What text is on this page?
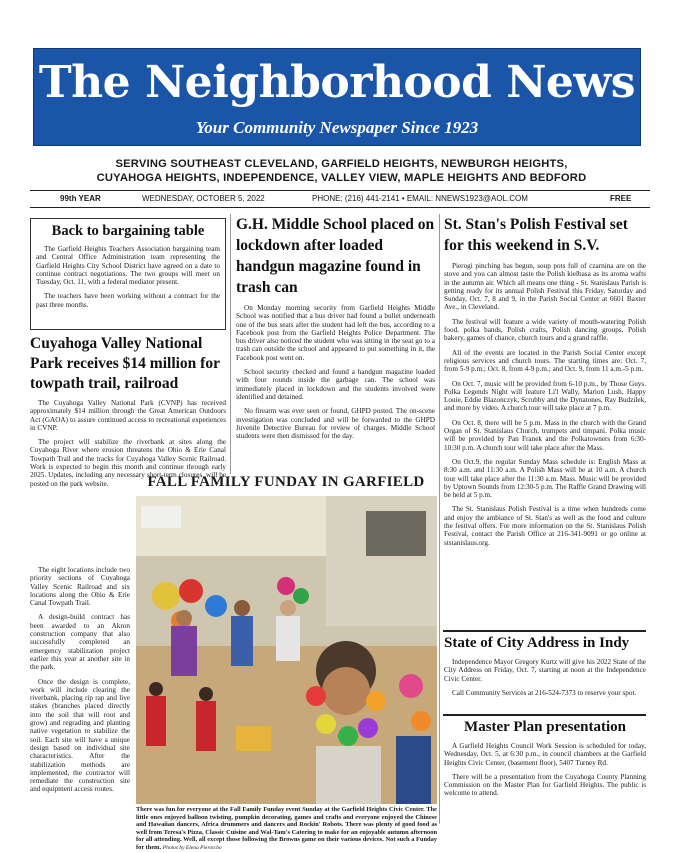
The Neighborhood News
Your Community Newspaper Since 1923
SERVING SOUTHEAST CLEVELAND, GARFIELD HEIGHTS, NEWBURGH HEIGHTS,
CUYAHOGA HEIGHTS, INDEPENDENCE, VALLEY VIEW, MAPLE HEIGHTS AND BEDFORD
99th YEAR	WEDNESDAY, OCTOBER 5, 2022	PHONE: (216) 441-2141 • EMAIL: NNEWS1923@AOL.COM	FREE
Back to bargaining table

The Garfield Heights Teachers Association bargaining team and Central Office Administration team representing the Garfield Heights City School District have agreed on a date to continue contract negotiations. The two groups will meet on Tuesday, Oct. 11, with a federal mediator present.

The teachers have been working without a contract for the past three months.

Cuyahoga Valley National Park receives $14 million for towpath trail, railroad

The Cuyahoga Valley National Park (CVNP) has received approximately $14 million through the Great American Outdoors Act (GAOA) to assure continued access to recreational experiences in CVNP.

The project will stabilize the riverbank at sites along the Cuyahoga River where erosion threatens the Ohio & Erie Canal Towpath Trail and the tracks for Cuyahoga Valley Scenic Railroad. Work is expected to begin this month and continue through early 2025. Updates, including any necessary short-term closures, will be posted on the park website.

The eight locations include two priority sections of Cuyahoga Valley Scenic Railroad and six locations along the Ohio & Erie Canal Towpath Trail.

A design-build contract has been awarded to an Akron construction company that also successfully completed an emergency stabilization project earlier this year at another site in the park.

Once the design is complete, work will include clearing the riverbank, placing rip rap and live stakes (branches placed directly into the soil that will root and grow) and regrading and planting native vegetation to stabilize the soil. Each site will have a unique design based on individual site characteristics. After the stabilization methods are implemented, the contractor will remediate the construction site and equipment access routes.

G.H. Middle School placed on lockdown after loaded handgun magazine found in trash can

On Monday morning security from Garfield Heights Middle School was notified that a bus driver had found a bullet underneath one of the bus seats after the student had left the bus, according to a Facebook post from the Garfield Heights Police Department. The bus driver also noticed the student who was sitting in the seat go to a trash can outside the school and appeared to put something in it, the Facebook post went on.

School security checked and found a handgun magazine loaded with four rounds inside the garbage can. The school was immediately placed in lockdown and the students involved were identified and detained.

No firearm was ever seen or found, GHPD posted. The on-scene investigation was concluded and will be forwarded to the GHPD Juvenile Detective Bureau for review of charges. Middle School students were then dismissed for the day.

FALL FAMILY FUNDAY IN GARFIELD
There was fun for everyone at the Fall Family Funday event Sunday at the Garfield Heights Civic Center. The little ones enjoyed balloon twisting, pumpkin decorating, games and crafts and everyone enjoyed the Chinese and Hawaiian dancers, Africa drummers and dancers and Rockin' Robots. There was plenty of good food as well from Teresa's Pizza, Classic Cuisine and Wal-Tam's Catering to make for an enjoyable autumn afternoon for all attending. Well, all except those following the Browns game on their various devices. Not such a Funday for them. Photos by Elena Pierotcho
St. Stan's Polish Festival set for this weekend in S.V.

Pierogi pinching has begun, soup pots full of czarnina are on the stove and you can almost taste the Polish kielbasa as its aroma wafts in the autumn air. Which all means one thing - St. Stanislaus Parish is getting ready for its annual Polish Festival this Friday, Saturday and Sunday, Oct. 7, 8 and 9, in the Parish Social Center at 6601 Baxter Ave., in Cleveland.

The festival will feature a wide variety of mouth-watering Polish food, polka bands, Polish crafts, Polish dancing groups, Polish bakery, games of chance, church tours and a grand raffle.

All of the events are located in the Parish Social Center except religious services and church tours. The starting times are: Oct. 7, from 5-9 p.m.; Oct. 8, from 4-9 p.m.; and Oct. 9, from 11 a.m.-5 p.m.

On Oct. 7, music will be provided from 6-10 p.m., by Those Guys. Polka Legends Night will feature Li'l Wally, Marion Lush, Happy Louie, Eddie Blazonczyk, Scrubby and the Dynatones, Ray Budzilek, and more by video. A church tour will take place at 7 p.m.

On Oct. 8, there will be 5 p.m. Mass in the church with the Grand Organ of St. Stanislaus Church, trumpets and timpani. Polka music will be provided by Pan Franek and the Polkatowners from 6:30-10:30 p.m. A church tour will take place after the Mass.

On Oct.9, the regular Sunday Mass schedule is: English Mass at 8:30 a.m. and 11:30 a.m. A Polish Mass will be at 10 a.m. A church tour will take place after the 11:30 a.m. Mass. Music will be provided by Uptown Sounds from 12:30-5 p.m. The Raffle Grand Drawing will be held at 5 p.m.

The St. Stanislaus Polish Festival is a time when hundreds come and enjoy the ambiance of St. Stan's as well as the food and culture the festival offers. For more information on the St. Stanislaus Polish Festival, contact the Parish Office at 216-341-9091 or go online at ststanislaus.org.

State of City Address in Indy

Independence Mayor Gregory Kurtz will give his 2022 State of the City Address on Friday, Oct. 7, starting at noon at the Independence Civic Center.

Call Community Services at 216-524-7373 to reserve your spot.

Master Plan presentation

A Garfield Heights Council Work Session is scheduled for today, Wednesday, Oct. 5, at 6:30 p.m., in council chambers at the Garfield Heights Civic Center, (basement floor), 5407 Turney Rd.

There will be a presentation from the Cuyahoga County Planning Commission on the Master Plan for Garfield Heights. The public is welcome to attend.
